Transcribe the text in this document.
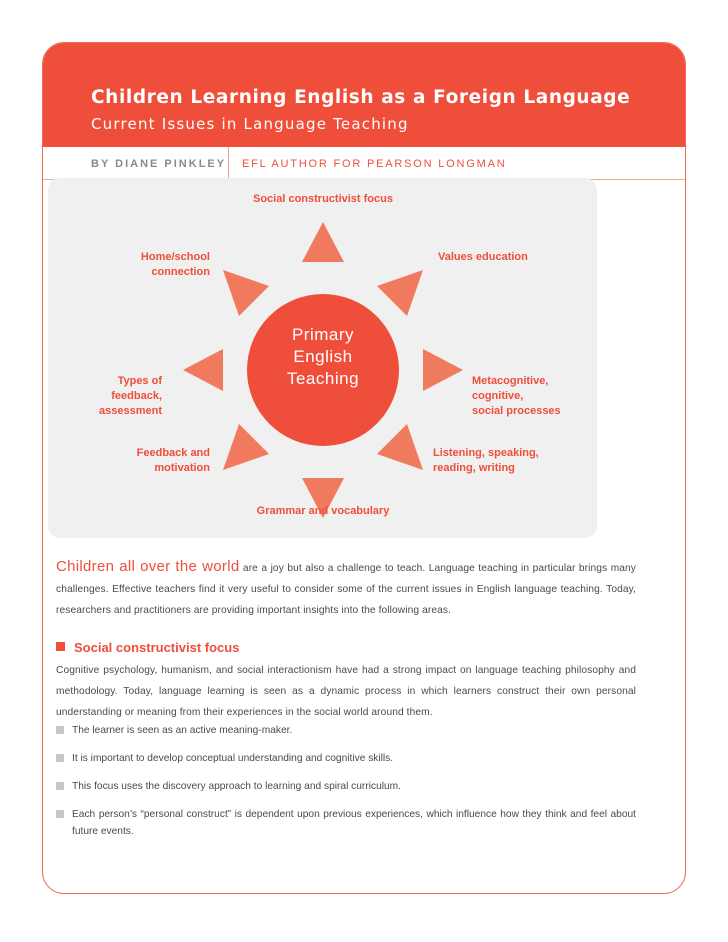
Children Learning English as a Foreign Language
Current Issues in Language Teaching
BY DIANE PINKLEY EFL AUTHOR FOR PEARSON LONGMAN
Primary
English
Teaching
Social constructivist focus
Home/school
connection
Values education
Types of
feedback,
assessment
Metacognitive,
cognitive,
social processes
Feedback and
motivation
Listening, speaking,
reading, writing
Grammar and vocabulary
Children all over the world are a joy but also a challenge to teach. Language teaching in particular brings many challenges. Effective teachers find it very useful to consider some of the current issues in English language teaching. Today, researchers and practitioners are providing important insights into the following areas.
Social constructivist focus
Cognitive psychology, humanism, and social interactionism have had a strong impact on language teaching philosophy and methodology. Today, language learning is seen as a dynamic process in which learners construct their own personal understanding or meaning from their experiences in the social world around them.
The learner is seen as an active meaning-maker.
It is important to develop conceptual understanding and cognitive skills.
This focus uses the discovery approach to learning and spiral curriculum.
Each person’s “personal construct” is dependent upon previous experiences, which influence how they think and feel about future events.
